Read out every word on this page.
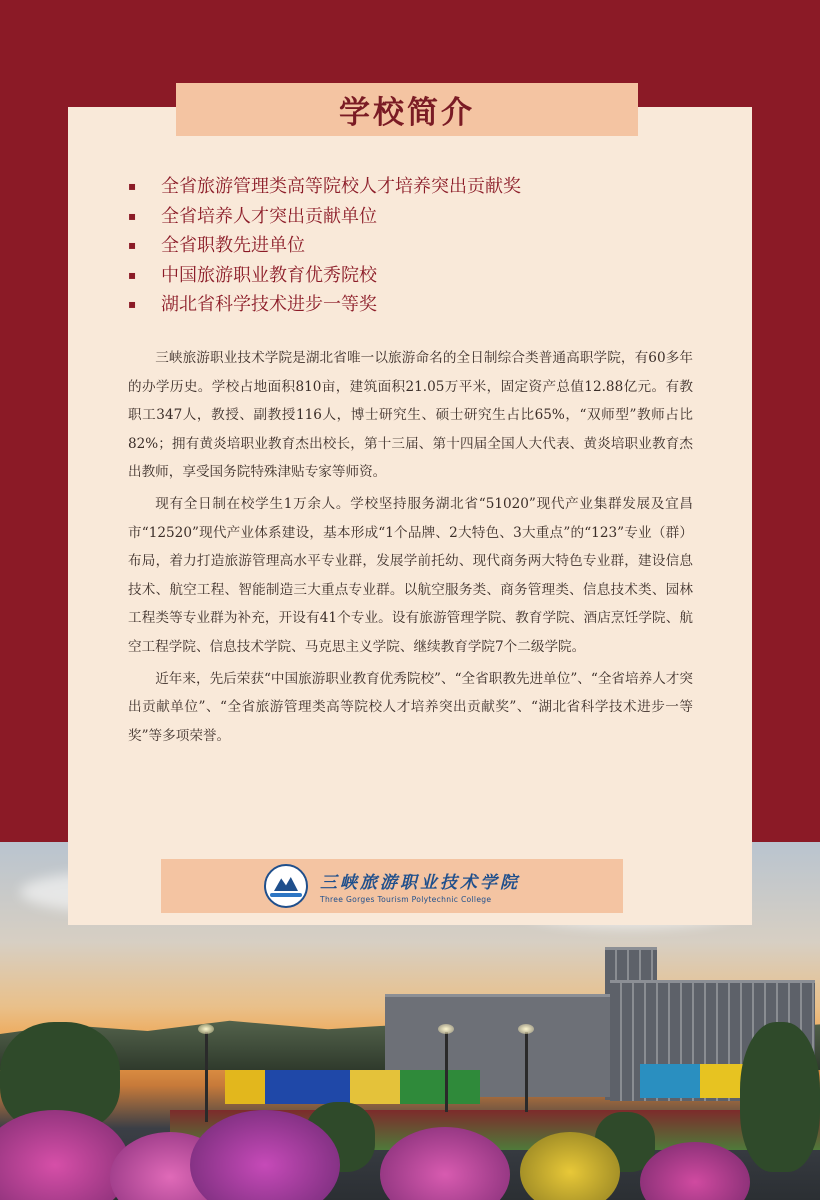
学校简介
▪ 全省旅游管理类高等院校人才培养突出贡献奖
▪ 全省培养人才突出贡献单位
▪ 全省职教先进单位
▪ 中国旅游职业教育优秀院校
▪ 湖北省科学技术进步一等奖

三峡旅游职业技术学院是湖北省唯一以旅游命名的全日制综合类普通高职学院，有60多年的办学历史。学校占地面积810亩，建筑面积21.05万平米，固定资产总值12.88亿元。有教职工347人，教授、副教授116人，博士研究生、硕士研究生占比65%，“双师型”教师占比82%；拥有黄炎培职业教育杰出校长，第十三届、第十四届全国人大代表、黄炎培职业教育杰出教师，享受国务院特殊津贴专家等师资。

现有全日制在校学生1万余人。学校坚持服务湖北省“51020”现代产业集群发展及宜昌市“12520”现代产业体系建设，基本形成“1个品牌、2大特色、3大重点”的“123”专业（群）布局，着力打造旅游管理高水平专业群，发展学前托幼、现代商务两大特色专业群，建设信息技术、航空工程、智能制造三大重点专业群。以航空服务类、商务管理类、信息技术类、园林工程类等专业群为补充，开设有41个专业。设有旅游管理学院、教育学院、酒店烹饪学院、航空工程学院、信息技术学院、马克思主义学院、继续教育学院7个二级学院。

近年来，先后荣获“中国旅游职业教育优秀院校”、“全省职教先进单位”、“全省培养人才突出贡献单位”、“全省旅游管理类高等院校人才培养突出贡献奖”、“湖北省科学技术进步一等奖”等多项荣誉。

三峡旅游职业技术学院
Three Gorges Tourism Polytechnic College
